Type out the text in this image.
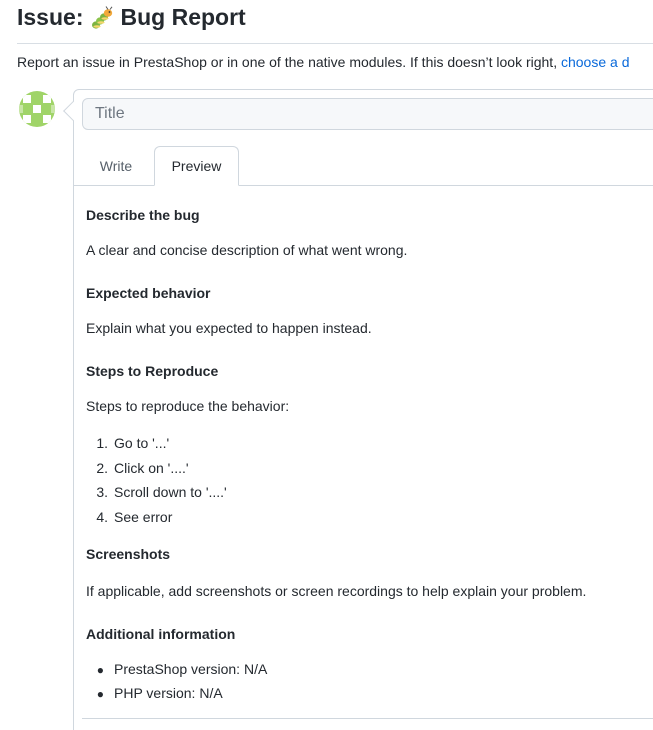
Issue: Bug Report
Report an issue in PrestaShop or in one of the native modules. If this doesn’t look right, choose a d
Title
Write	Preview
Describe the bug

A clear and concise description of what went wrong.

Expected behavior

Explain what you expected to happen instead.

Steps to Reproduce

Steps to reproduce the behavior:

1. Go to '...'
2. Click on '....'
3. Scroll down to '....'
4. See error
Screenshots

If applicable, add screenshots or screen recordings to help explain your problem.

Additional information
● PrestaShop version: N/A
● PHP version: N/A
